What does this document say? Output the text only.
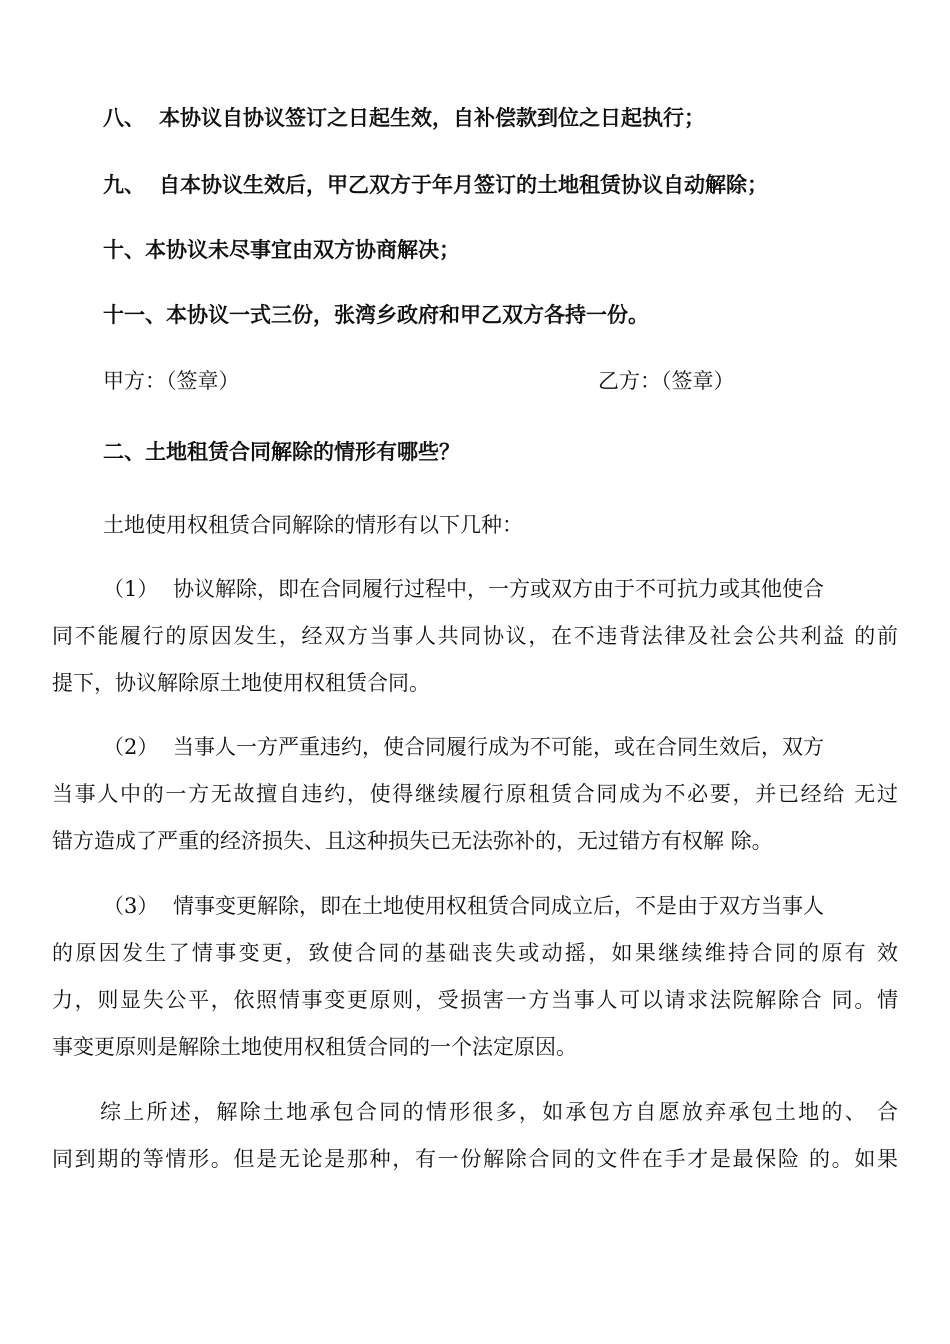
八、 本协议自协议签订之日起生效，自补偿款到位之日起执行；
九、 自本协议生效后，甲乙双方于年月签订的土地租赁协议自动解除；
十、本协议未尽事宜由双方协商解决；
十一、本协议一式三份，张湾乡政府和甲乙双方各持一份。
甲方：（签章）	乙方：（签章）
二、土地租赁合同解除的情形有哪些？
土地使用权租赁合同解除的情形有以下几种：
（1） 协议解除，即在合同履行过程中，一方或双方由于不可抗力或其他使合
同不能履行的原因发生，经双方当事人共同协议，在不违背法律及社会公共利益 的前
提下，协议解除原土地使用权租赁合同。
（2） 当事人一方严重违约，使合同履行成为不可能，或在合同生效后，双方
当事人中的一方无故擅自违约，使得继续履行原租赁合同成为不必要，并已经给 无过
错方造成了严重的经济损失、且这种损失已无法弥补的，无过错方有权解 除。
（3） 情事变更解除，即在土地使用权租赁合同成立后，不是由于双方当事人
的原因发生了情事变更，致使合同的基础丧失或动摇，如果继续维持合同的原有 效
力，则显失公平，依照情事变更原则，受损害一方当事人可以请求法院解除合 同。情
事变更原则是解除土地使用权租赁合同的一个法定原因。
综上所述，解除土地承包合同的情形很多，如承包方自愿放弃承包土地的、 合
同到期的等情形。但是无论是那种，有一份解除合同的文件在手才是最保险 的。如果
